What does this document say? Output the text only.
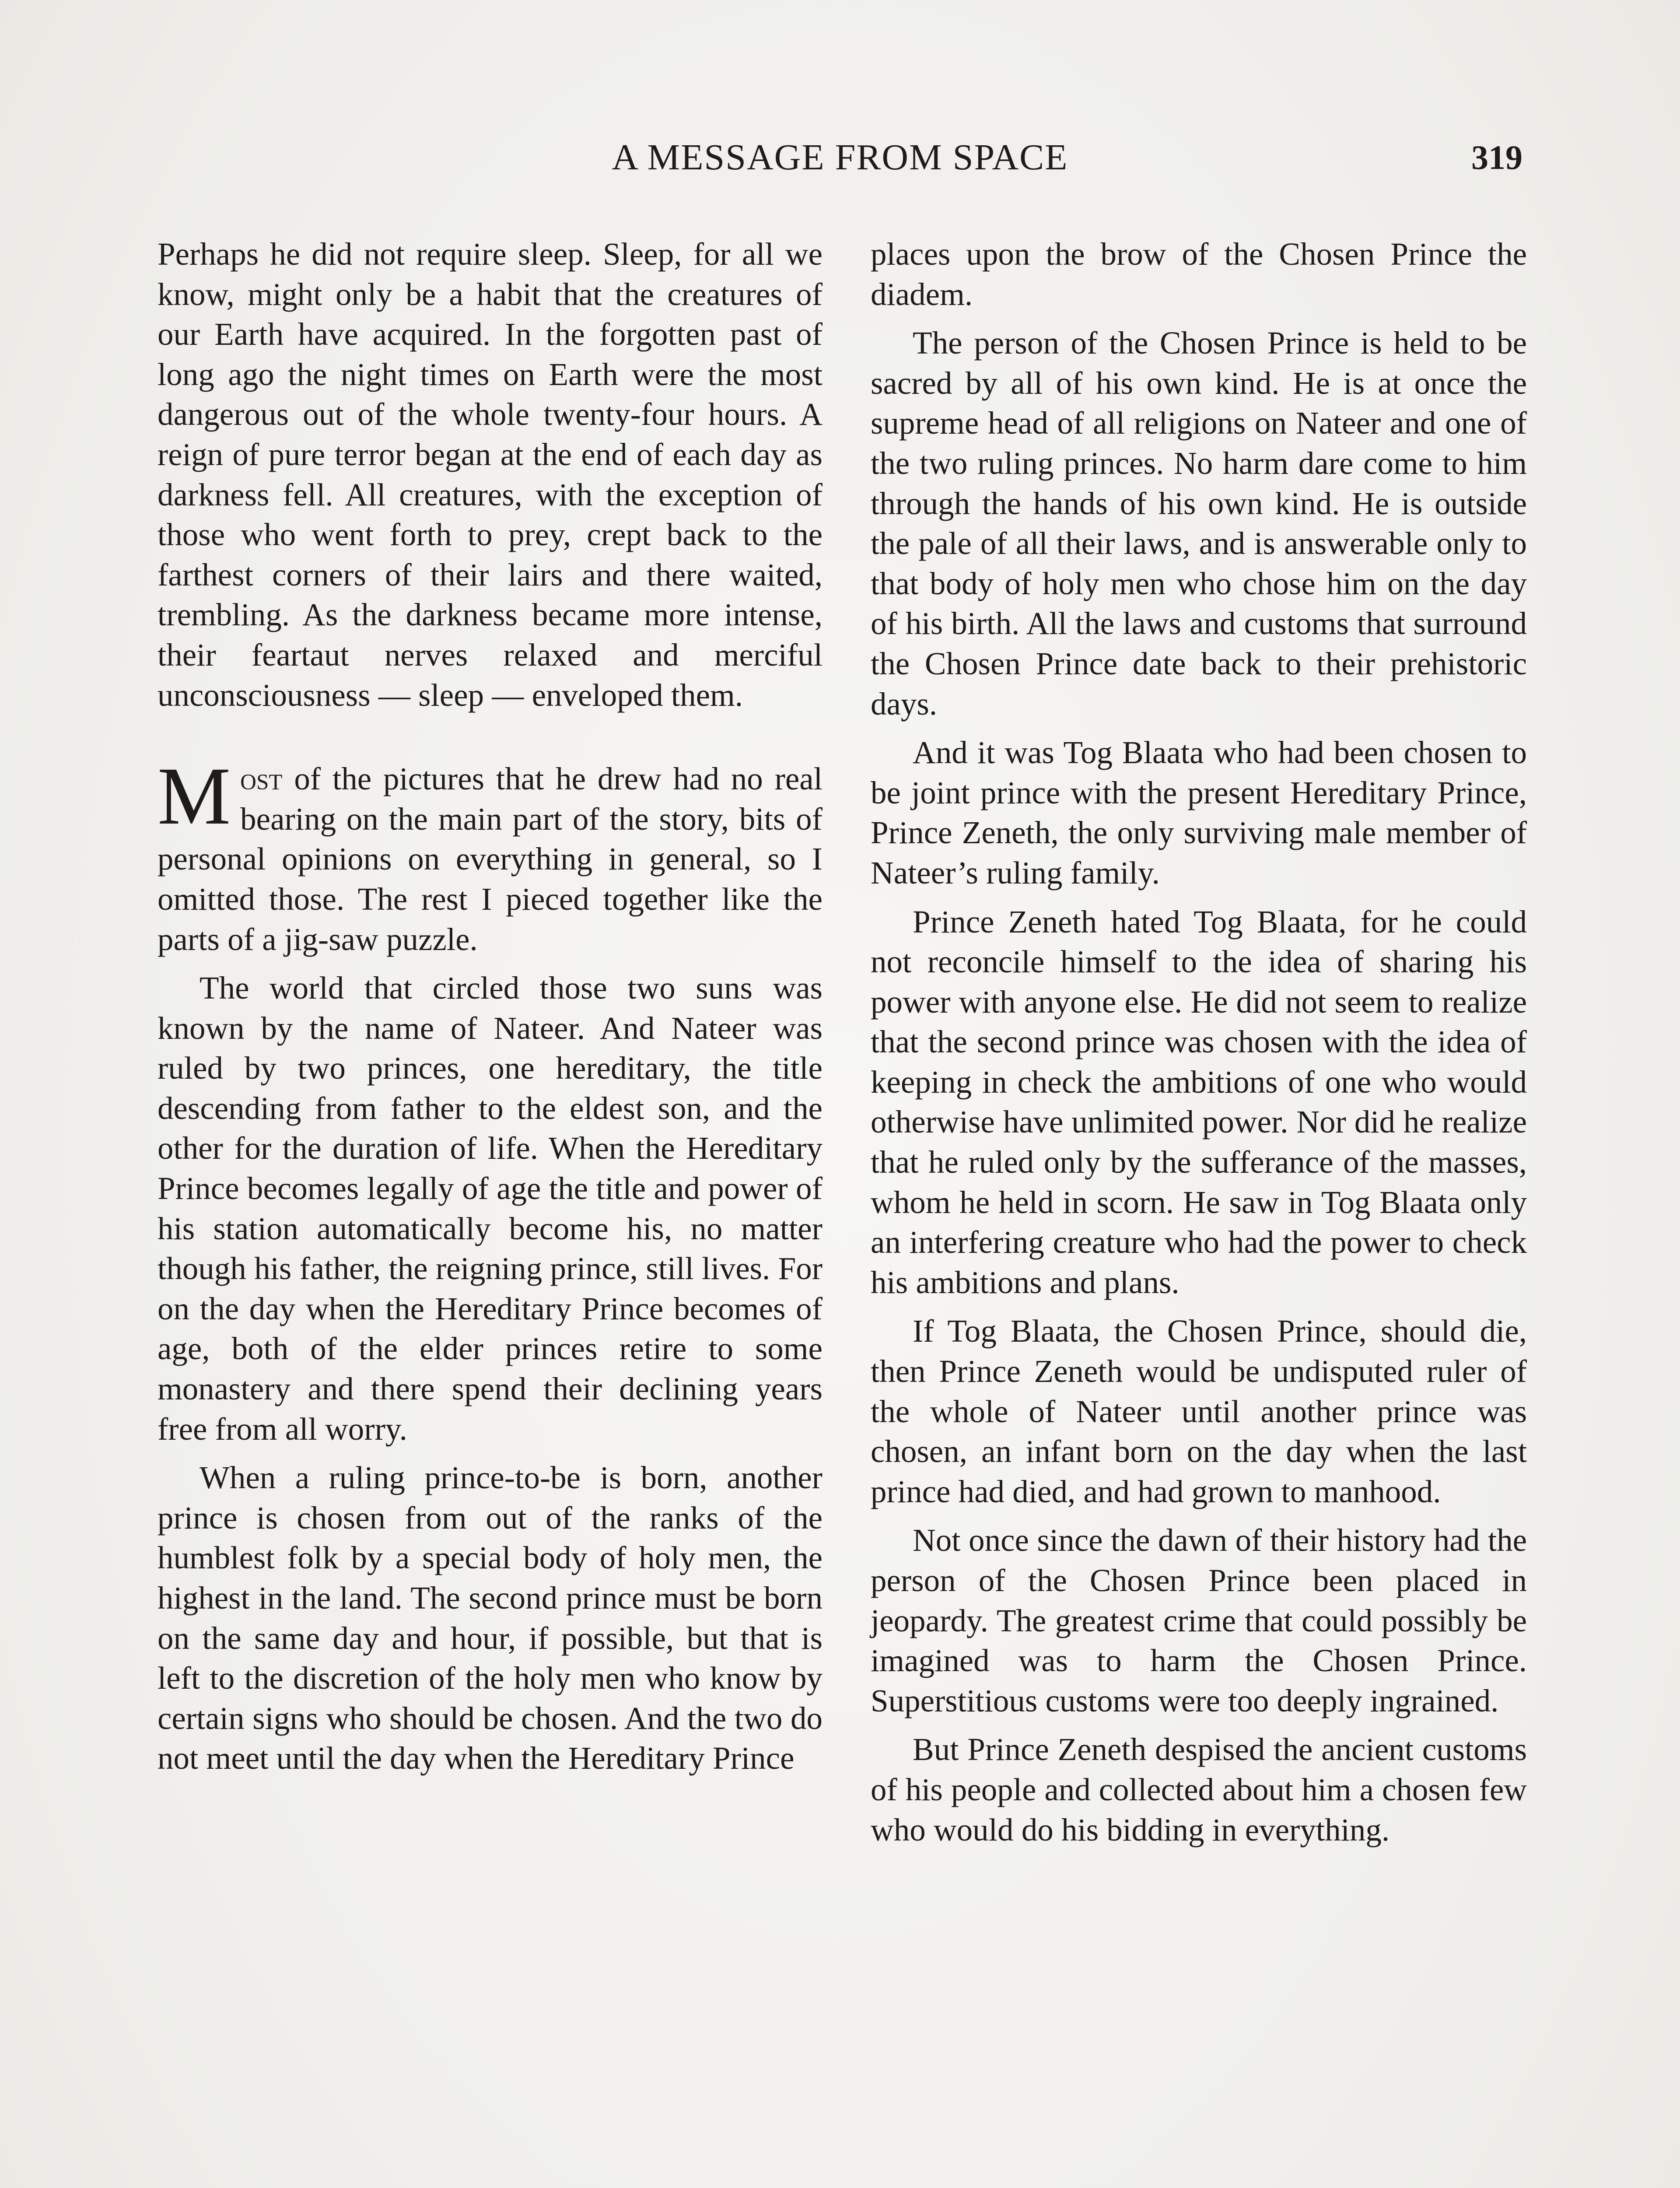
A MESSAGE FROM SPACE	319

Perhaps he did not require sleep. Sleep, for all we know, might only be a habit that the creatures of our Earth have acquired. In the forgotten past of long ago the night times on Earth were the most dangerous out of the whole twenty-four hours. A reign of pure terror began at the end of each day as darkness fell. All creatures, with the exception of those who went forth to prey, crept back to the farthest corners of their lairs and there waited, trembling. As the darkness became more intense, their feartaut nerves relaxed and merciful unconsciousness — sleep — enveloped them.

Most of the pictures that he drew had no real bearing on the main part of the story, bits of personal opinions on everything in general, so I omitted those. The rest I pieced together like the parts of a jig-saw puzzle.

The world that circled those two suns was known by the name of Nateer. And Nateer was ruled by two princes, one hereditary, the title descending from father to the eldest son, and the other for the duration of life. When the Hereditary Prince becomes legally of age the title and power of his station automatically become his, no matter though his father, the reigning prince, still lives. For on the day when the Hereditary Prince becomes of age, both of the elder princes retire to some monastery and there spend their declining years free from all worry.

When a ruling prince-to-be is born, another prince is chosen from out of the ranks of the humblest folk by a special body of holy men, the highest in the land. The second prince must be born on the same day and hour, if possible, but that is left to the discretion of the holy men who know by certain signs who should be chosen. And the two do not meet until the day when the Hereditary Prince

places upon the brow of the Chosen Prince the diadem.

The person of the Chosen Prince is held to be sacred by all of his own kind. He is at once the supreme head of all religions on Nateer and one of the two ruling princes. No harm dare come to him through the hands of his own kind. He is outside the pale of all their laws, and is answerable only to that body of holy men who chose him on the day of his birth. All the laws and customs that surround the Chosen Prince date back to their prehistoric days.

And it was Tog Blaata who had been chosen to be joint prince with the present Hereditary Prince, Prince Zeneth, the only surviving male member of Nateer’s ruling family.

Prince Zeneth hated Tog Blaata, for he could not reconcile himself to the idea of sharing his power with anyone else. He did not seem to realize that the second prince was chosen with the idea of keeping in check the ambitions of one who would otherwise have unlimited power. Nor did he realize that he ruled only by the sufferance of the masses, whom he held in scorn. He saw in Tog Blaata only an interfering creature who had the power to check his ambitions and plans.

If Tog Blaata, the Chosen Prince, should die, then Prince Zeneth would be undisputed ruler of the whole of Nateer until another prince was chosen, an infant born on the day when the last prince had died, and had grown to manhood.

Not once since the dawn of their history had the person of the Chosen Prince been placed in jeopardy. The greatest crime that could possibly be imagined was to harm the Chosen Prince. Superstitious customs were too deeply ingrained.

But Prince Zeneth despised the ancient customs of his people and collected about him a chosen few who would do his bidding in everything.
